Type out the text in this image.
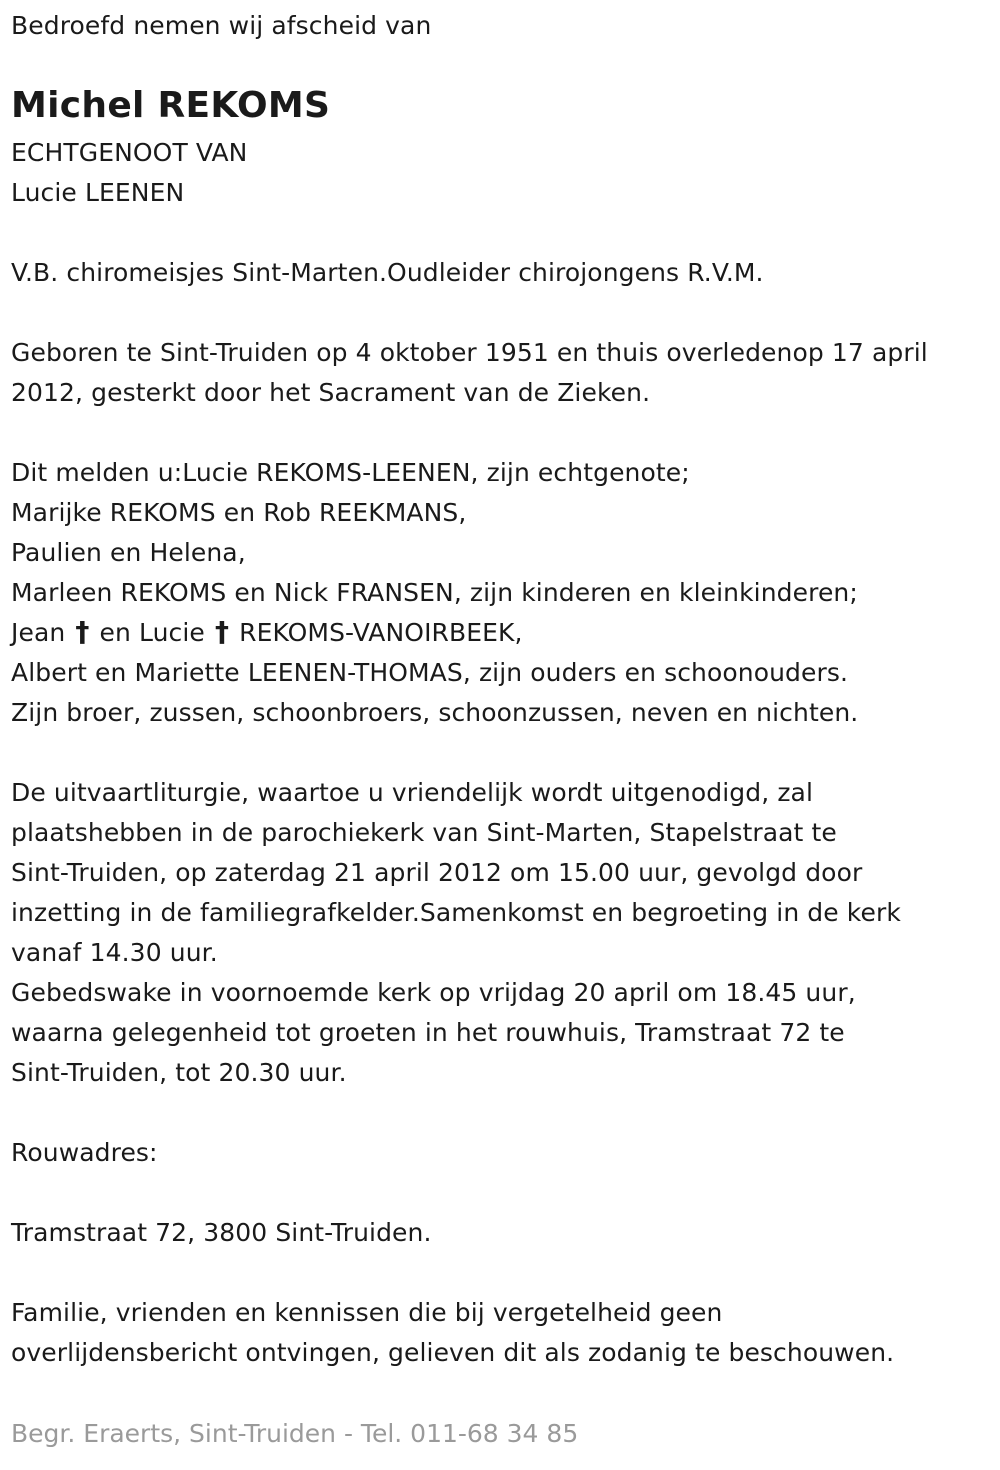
Bedroefd nemen wij afscheid van
Michel REKOMS
ECHTGENOOT VAN
Lucie LEENEN
V.B. chiromeisjes Sint-Marten.Oudleider chirojongens R.V.M.
Geboren te Sint-Truiden op 4 oktober 1951 en thuis overledenop 17 april
2012, gesterkt door het Sacrament van de Zieken.
Dit melden u:Lucie REKOMS-LEENEN, zijn echtgenote;
Marijke REKOMS en Rob REEKMANS,
Paulien en Helena,
Marleen REKOMS en Nick FRANSEN, zijn kinderen en kleinkinderen;
Jean † en Lucie † REKOMS-VANOIRBEEK,
Albert en Mariette LEENEN-THOMAS, zijn ouders en schoonouders.
Zijn broer, zussen, schoonbroers, schoonzussen, neven en nichten.
De uitvaartliturgie, waartoe u vriendelijk wordt uitgenodigd, zal
plaatshebben in de parochiekerk van Sint-Marten, Stapelstraat te
Sint-Truiden, op zaterdag 21 april 2012 om 15.00 uur, gevolgd door
inzetting in de familiegrafkelder.Samenkomst en begroeting in de kerk
vanaf 14.30 uur.
Gebedswake in voornoemde kerk op vrijdag 20 april om 18.45 uur,
waarna gelegenheid tot groeten in het rouwhuis, Tramstraat 72 te
Sint-Truiden, tot 20.30 uur.
Rouwadres:
Tramstraat 72, 3800 Sint-Truiden.
Familie, vrienden en kennissen die bij vergetelheid geen
overlijdensbericht ontvingen, gelieven dit als zodanig te beschouwen.
Begr. Eraerts, Sint-Truiden - Tel. 011-68 34 85
